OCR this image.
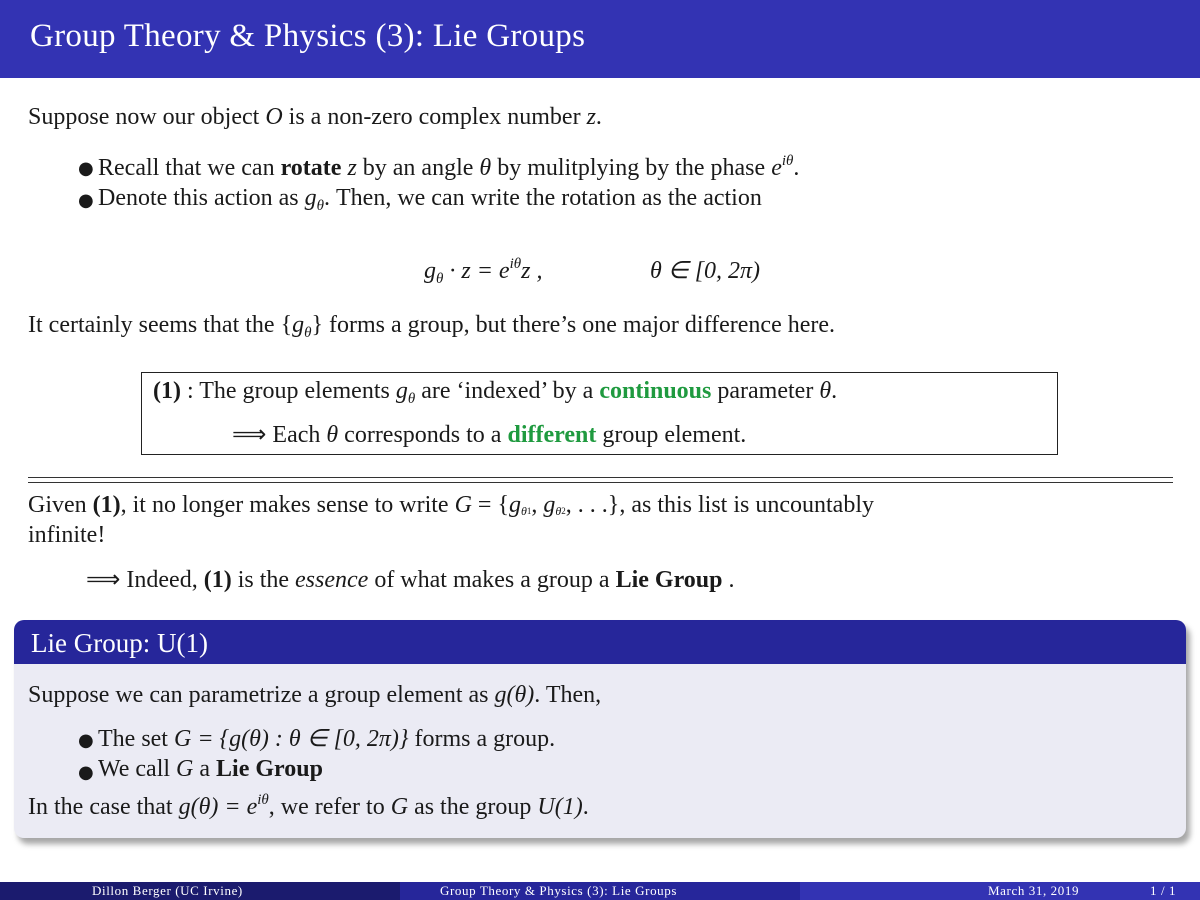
Group Theory & Physics (3): Lie Groups
Suppose now our object O is a non-zero complex number z.
● Recall that we can rotate z by an angle θ by mulitplying by the phase $e^{i\theta}$.
● Denote this action as $g_\theta$. Then, we can write the rotation as the action
$g_\theta \cdot z = e^{i\theta}z$ ,	θ ∈ [0, 2π)
It certainly seems that the $\{g_\theta\}$ forms a group, but there’s one major difference here.
(1) : The group elements $g_\theta$ are ‘indexed’ by a continuous parameter θ.
⟹ Each θ corresponds to a different group element.
Given (1), it no longer makes sense to write G = {gθ1, gθ2, . . .}, as this list is uncountably
infinite!
⟹ Indeed, (1) is the essence of what makes a group a Lie Group .
Lie Group: U(1)
Suppose we can parametrize a group element as g(θ). Then,
● The set G = {g(θ) : θ ∈ [0, 2π)} forms a group.
● We call G a Lie Group
In the case that $g(\theta) = e^{i\theta}$, we refer to G as the group U(1).
Dillon Berger (UC Irvine)	Group Theory & Physics (3): Lie Groups	March 31, 2019	1 / 1
